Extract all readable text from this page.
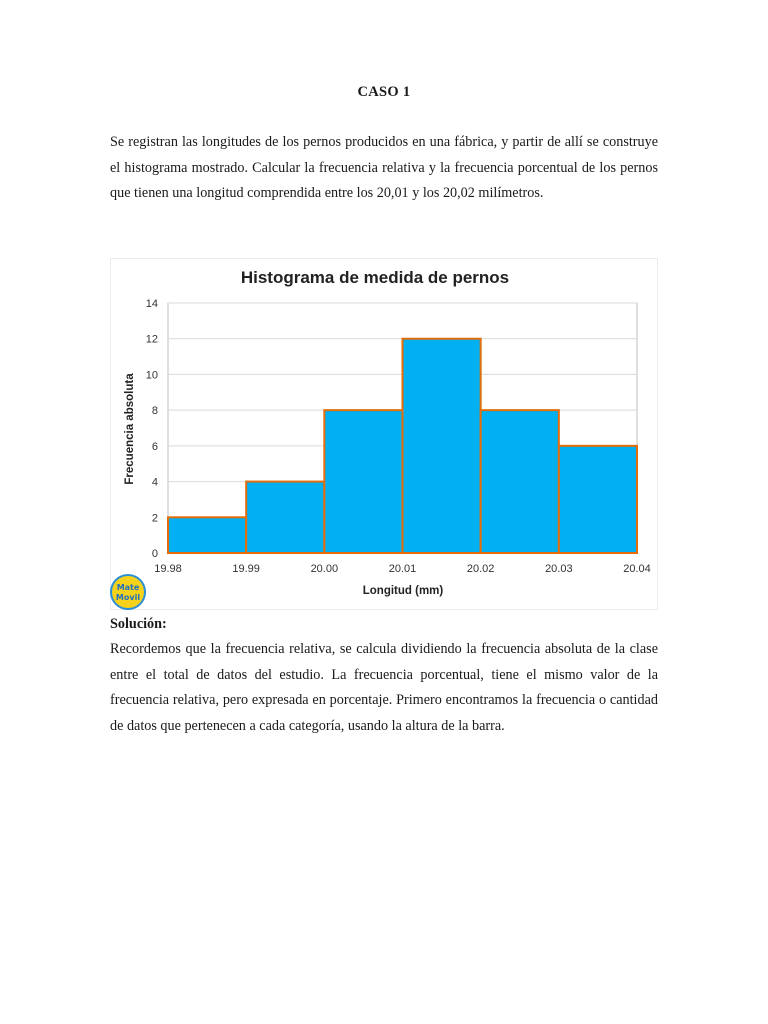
CASO 1

Se registran las longitudes de los pernos producidos en una fábrica, y partir de allí se construye el histograma mostrado. Calcular la frecuencia relativa y la frecuencia porcentual de los pernos que tienen una longitud comprendida entre los 20,01 y los 20,02 milímetros.

Histograma de medida de pernos
0
2
4
6
8
10
12
14
19.98	19.99	20.00	20.01	20.02	20.03	20.04
Longitud (mm)
Frecuencia absoluta
Mate
Movil
Solución:

Recordemos que la frecuencia relativa, se calcula dividiendo la frecuencia absoluta de la clase entre el total de datos del estudio. La frecuencia porcentual, tiene el mismo valor de la frecuencia relativa, pero expresada en porcentaje. Primero encontramos la frecuencia o cantidad de datos que pertenecen a cada categoría, usando la altura de la barra.
